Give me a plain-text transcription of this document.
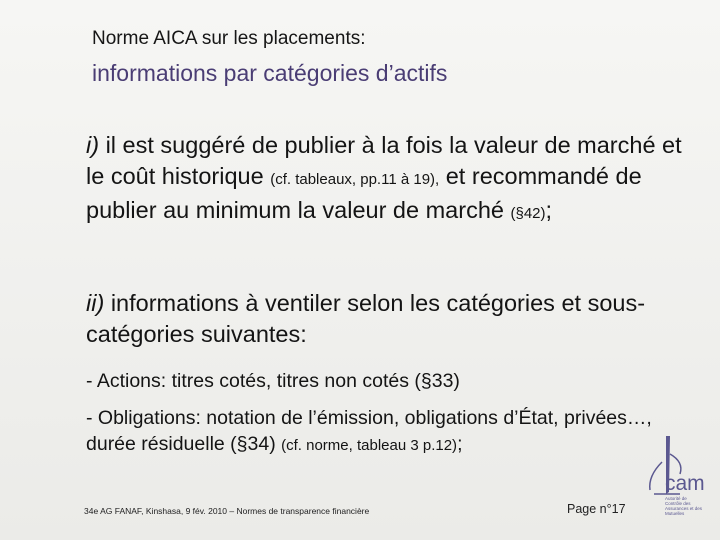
Norme AICA sur les placements:
informations par catégories d’actifs
i) il est suggéré de publier à la fois la valeur de marché et le coût historique (cf. tableaux, pp.11 à 19), et recommandé de publier au minimum la valeur de marché (§42);
ii) informations à ventiler selon les catégories et sous-catégories suivantes:
- Actions: titres cotés, titres non cotés (§33)
- Obligations: notation de l’émission, obligations d’État, privées…, durée résiduelle (§34) (cf. norme, tableau 3 p.12);
34e AG FANAF, Kinshasa, 9 fév. 2010 – Normes de transparence financière	Page n°17
cam
Autorité de Contrôle des Assurances et des Mutuelles
